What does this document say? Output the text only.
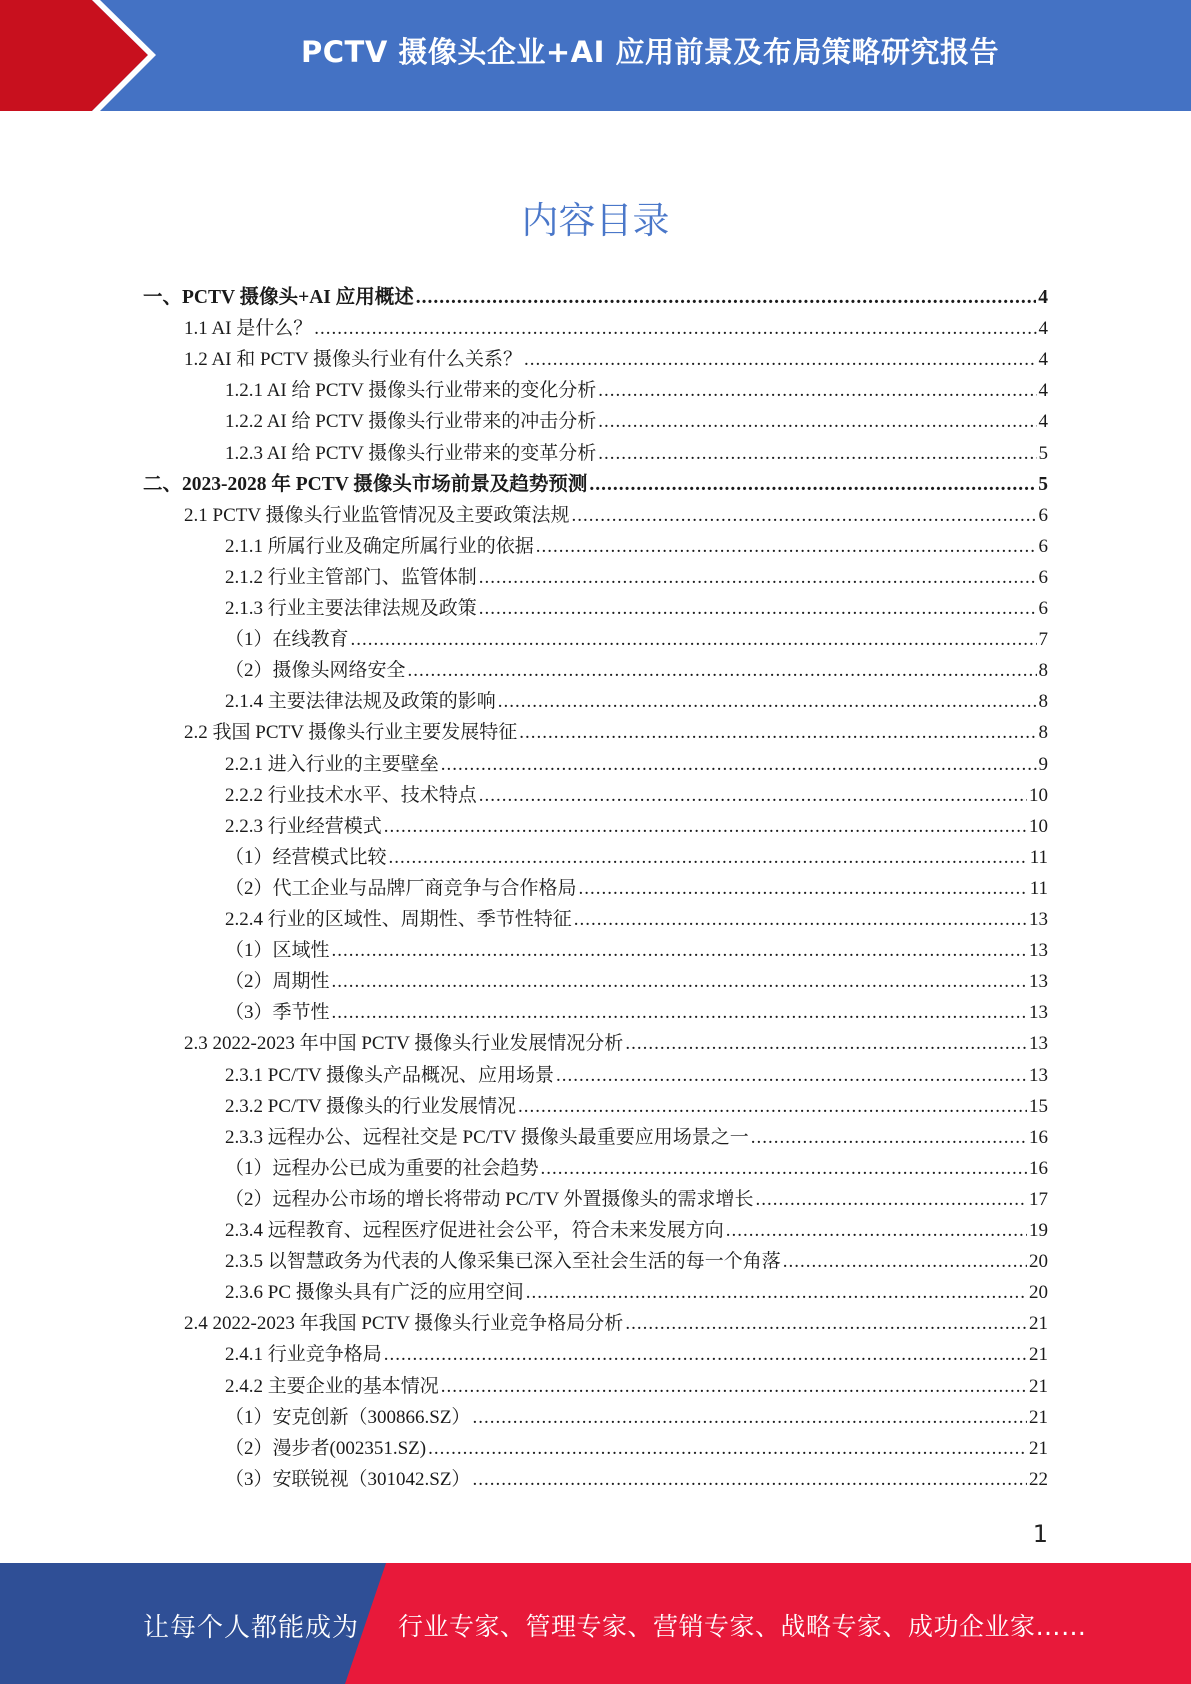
PCTV 摄像头企业+AI 应用前景及布局策略研究报告
内容目录
一、PCTV 摄像头+AI 应用概述 .....	4
1.1 AI 是什么？ .....	4
1.2 AI 和 PCTV 摄像头行业有什么关系？ .....	4
1.2.1 AI 给 PCTV 摄像头行业带来的变化分析 .....	4
1.2.2 AI 给 PCTV 摄像头行业带来的冲击分析 .....	4
1.2.3 AI 给 PCTV 摄像头行业带来的变革分析 .....	5
二、2023-2028 年 PCTV 摄像头市场前景及趋势预测 .....	5
2.1 PCTV 摄像头行业监管情况及主要政策法规 .....	6
2.1.1 所属行业及确定所属行业的依据 .....	6
2.1.2 行业主管部门、监管体制 .....	6
2.1.3 行业主要法律法规及政策 .....	6
（1）在线教育 .....	7
（2）摄像头网络安全 .....	8
2.1.4 主要法律法规及政策的影响 .....	8
2.2 我国 PCTV 摄像头行业主要发展特征 .....	8
2.2.1 进入行业的主要壁垒 .....	9
2.2.2 行业技术水平、技术特点 .....	10
2.2.3 行业经营模式 .....	10
（1）经营模式比较 .....	11
（2）代工企业与品牌厂商竞争与合作格局 .....	11
2.2.4 行业的区域性、周期性、季节性特征 .....	13
（1）区域性 .....	13
（2）周期性 .....	13
（3）季节性 .....	13
2.3 2022-2023 年中国 PCTV 摄像头行业发展情况分析 .....	13
2.3.1 PC/TV 摄像头产品概况、应用场景 .....	13
2.3.2 PC/TV 摄像头的行业发展情况 .....	15
2.3.3 远程办公、远程社交是 PC/TV 摄像头最重要应用场景之一 .....	16
（1）远程办公已成为重要的社会趋势 .....	16
（2）远程办公市场的增长将带动 PC/TV 外置摄像头的需求增长 .....	17
2.3.4 远程教育、远程医疗促进社会公平，符合未来发展方向 .....	19
2.3.5 以智慧政务为代表的人像采集已深入至社会生活的每一个角落 .....	20
2.3.6 PC 摄像头具有广泛的应用空间 .....	20
2.4 2022-2023 年我国 PCTV 摄像头行业竞争格局分析 .....	21
2.4.1 行业竞争格局 .....	21
2.4.2 主要企业的基本情况 .....	21
（1）安克创新（300866.SZ） .....	21
（2）漫步者(002351.SZ) .....	21
（3）安联锐视（301042.SZ） .....	22
1
让每个人都能成为 行业专家、管理专家、营销专家、战略专家、成功企业家……
